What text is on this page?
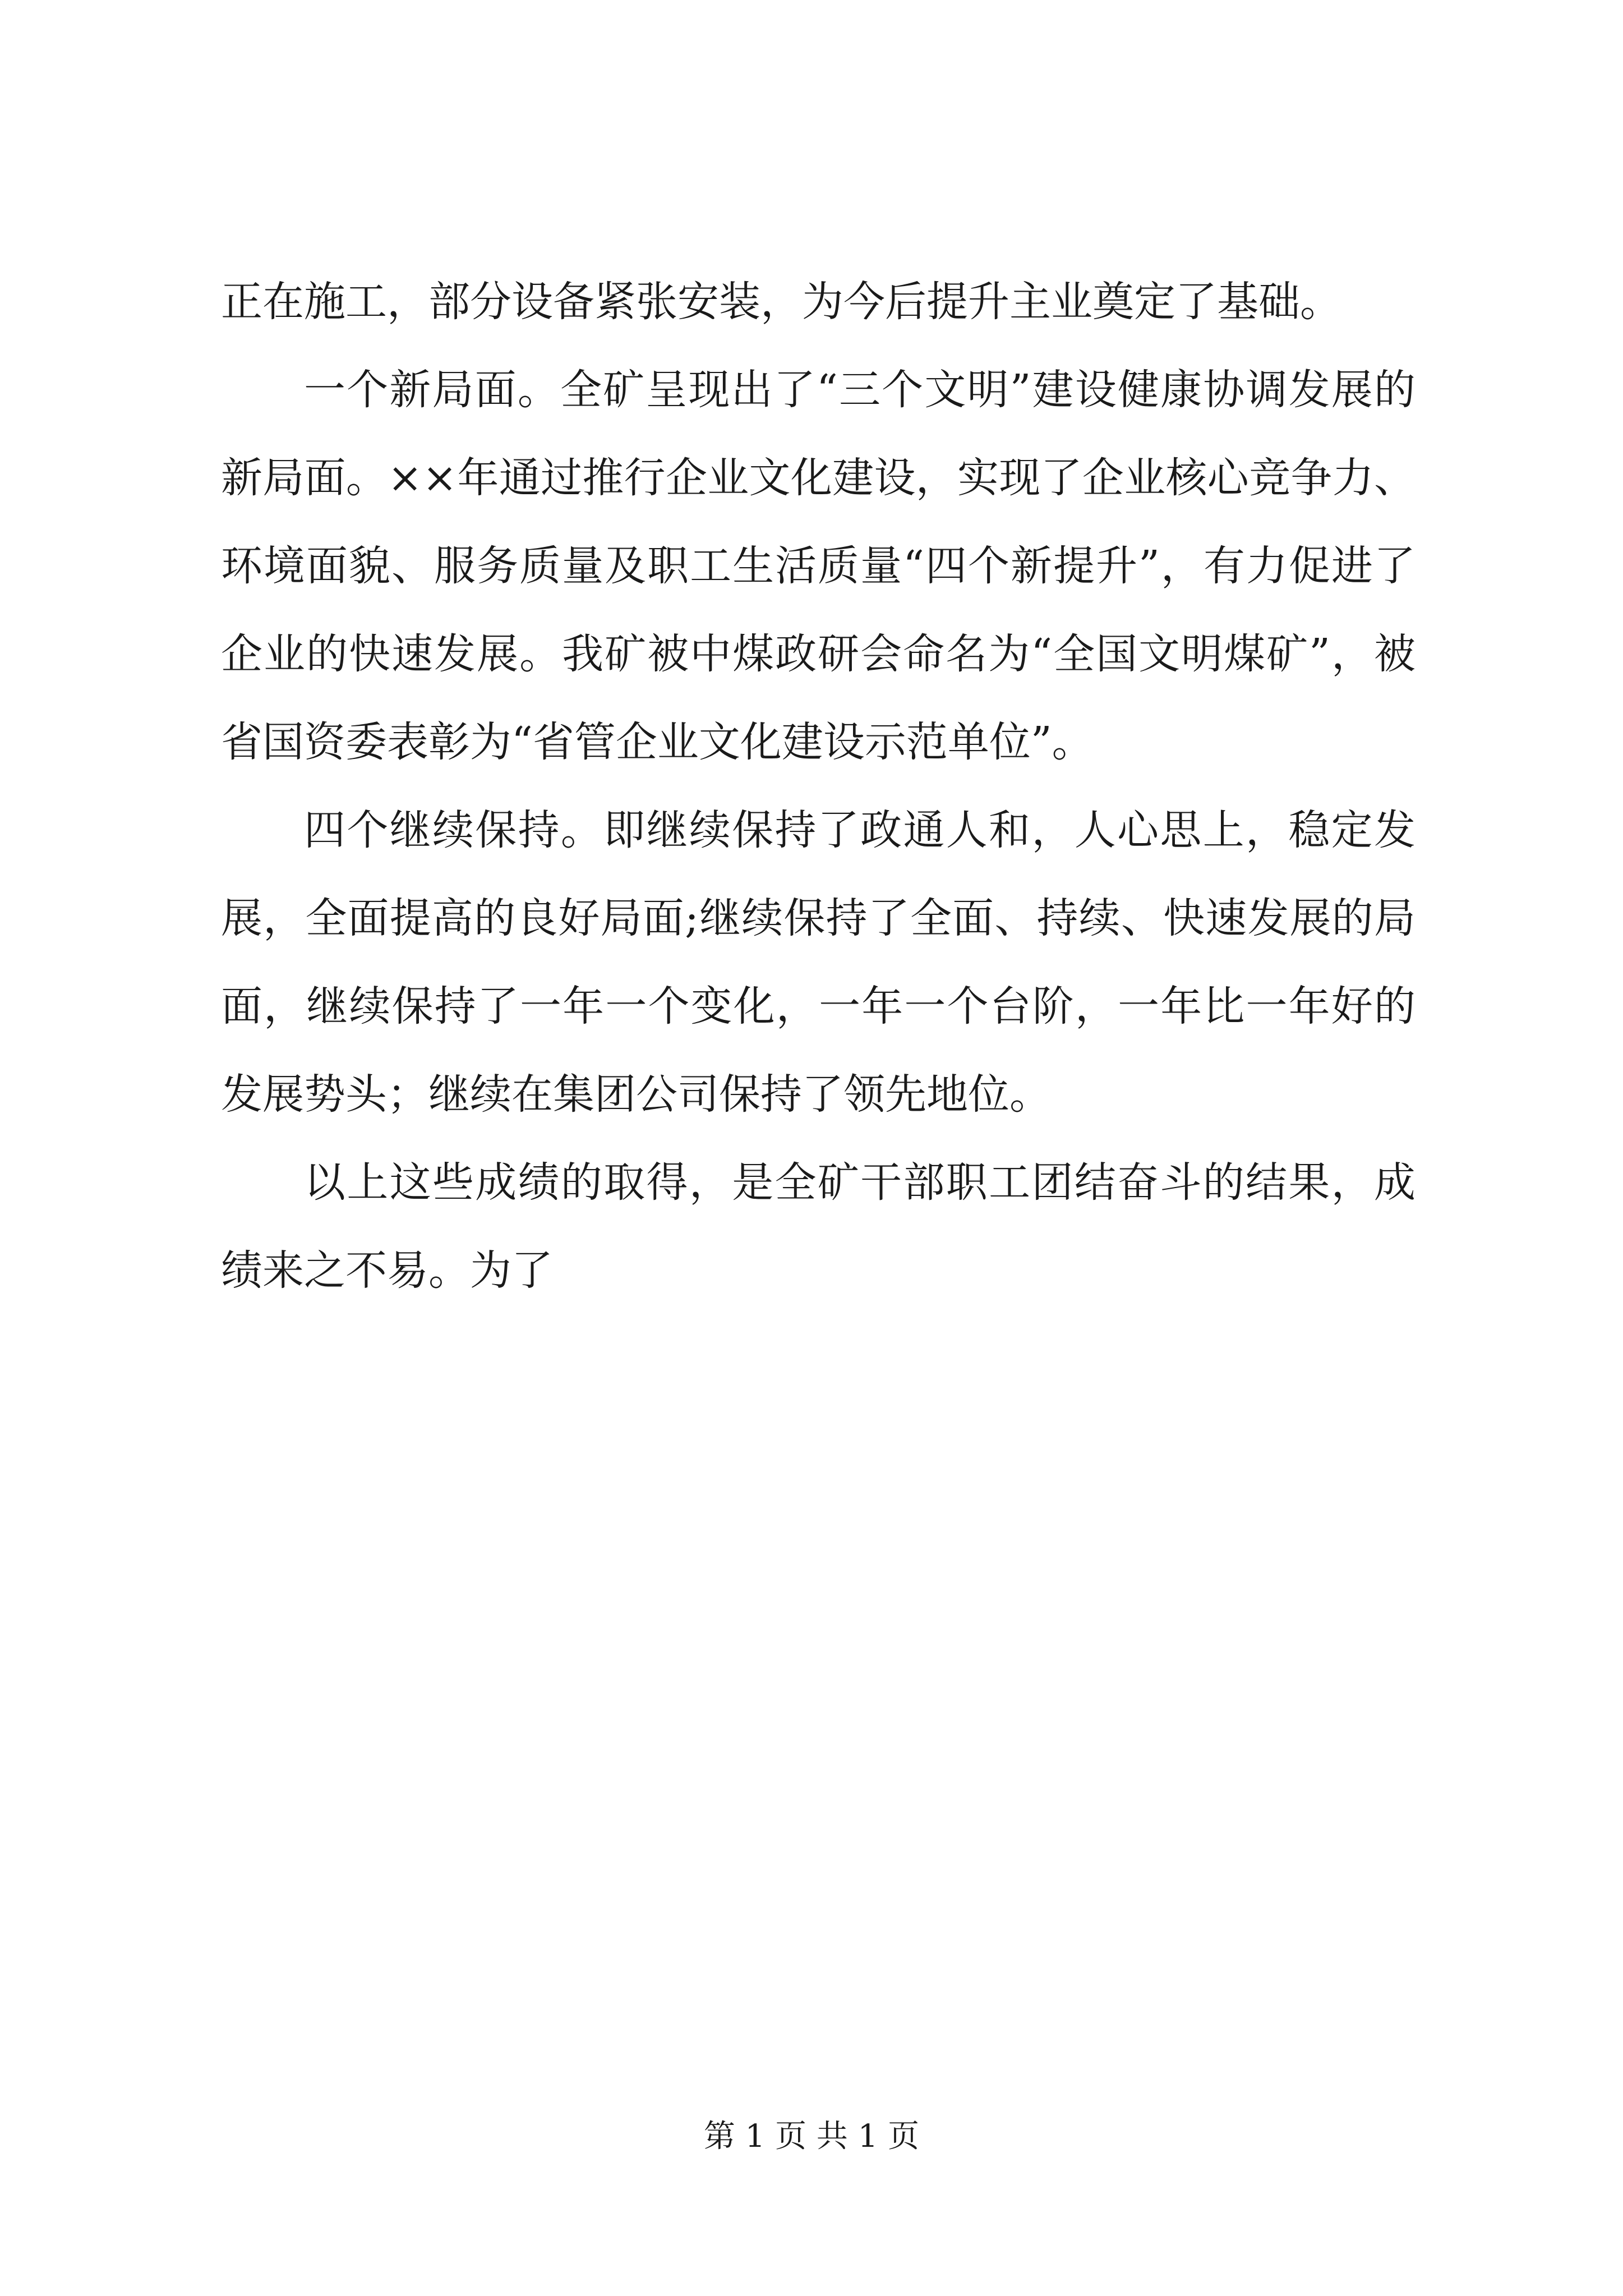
正在施工，部分设备紧张安装，为今后提升主业奠定了基础。

一个新局面。全矿呈现出了“三个文明”建设健康协调发展的新局面。××年通过推行企业文化建设，实现了企业核心竞争力、环境面貌、服务质量及职工生活质量“四个新提升”，有力促进了企业的快速发展。我矿被中煤政研会命名为“全国文明煤矿”，被省国资委表彰为“省管企业文化建设示范单位”。

四个继续保持。即继续保持了政通人和，人心思上，稳定发展，全面提高的良好局面;继续保持了全面、持续、快速发展的局面，继续保持了一年一个变化，一年一个台阶，一年比一年好的发展势头；继续在集团公司保持了领先地位。

以上这些成绩的取得，是全矿干部职工团结奋斗的结果，成绩来之不易。为了

第 1 页 共 1 页
